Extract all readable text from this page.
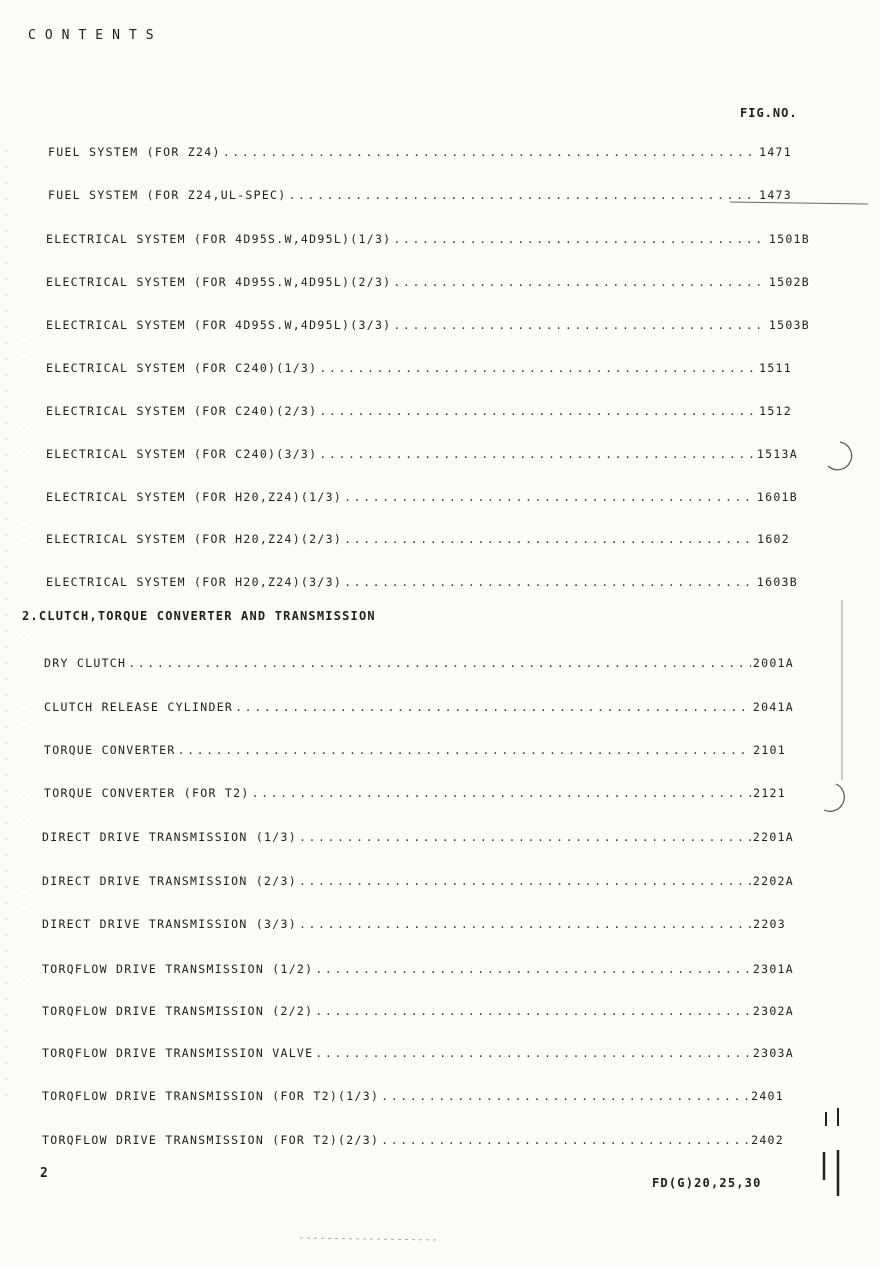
CONTENTS
FIG.NO.
FUEL SYSTEM (FOR Z24) .....	1471
FUEL SYSTEM (FOR Z24,UL-SPEC) .....	1473
ELECTRICAL SYSTEM (FOR 4D95S.W,4D95L)(1/3) .....	1501B
ELECTRICAL SYSTEM (FOR 4D95S.W,4D95L)(2/3) .....	1502B
ELECTRICAL SYSTEM (FOR 4D95S.W,4D95L)(3/3) .....	1503B
ELECTRICAL SYSTEM (FOR C240)(1/3) .....	1511
ELECTRICAL SYSTEM (FOR C240)(2/3) .....	1512
ELECTRICAL SYSTEM (FOR C240)(3/3) .....	1513A
ELECTRICAL SYSTEM (FOR H20,Z24)(1/3) .....	1601B
ELECTRICAL SYSTEM (FOR H20,Z24)(2/3) .....	1602
ELECTRICAL SYSTEM (FOR H20,Z24)(3/3) .....	1603B
2.CLUTCH,TORQUE CONVERTER AND TRANSMISSION
DRY CLUTCH .....	2001A
CLUTCH RELEASE CYLINDER .....	2041A
TORQUE CONVERTER .....	2101
TORQUE CONVERTER (FOR T2) .....	2121
DIRECT DRIVE TRANSMISSION (1/3) .....	2201A
DIRECT DRIVE TRANSMISSION (2/3) .....	2202A
DIRECT DRIVE TRANSMISSION (3/3) .....	2203
TORQFLOW DRIVE TRANSMISSION (1/2) .....	2301A
TORQFLOW DRIVE TRANSMISSION (2/2) .....	2302A
TORQFLOW DRIVE TRANSMISSION VALVE .....	2303A
TORQFLOW DRIVE TRANSMISSION (FOR T2)(1/3) .....	2401
TORQFLOW DRIVE TRANSMISSION (FOR T2)(2/3) .....	2402
2
FD(G)20,25,30
